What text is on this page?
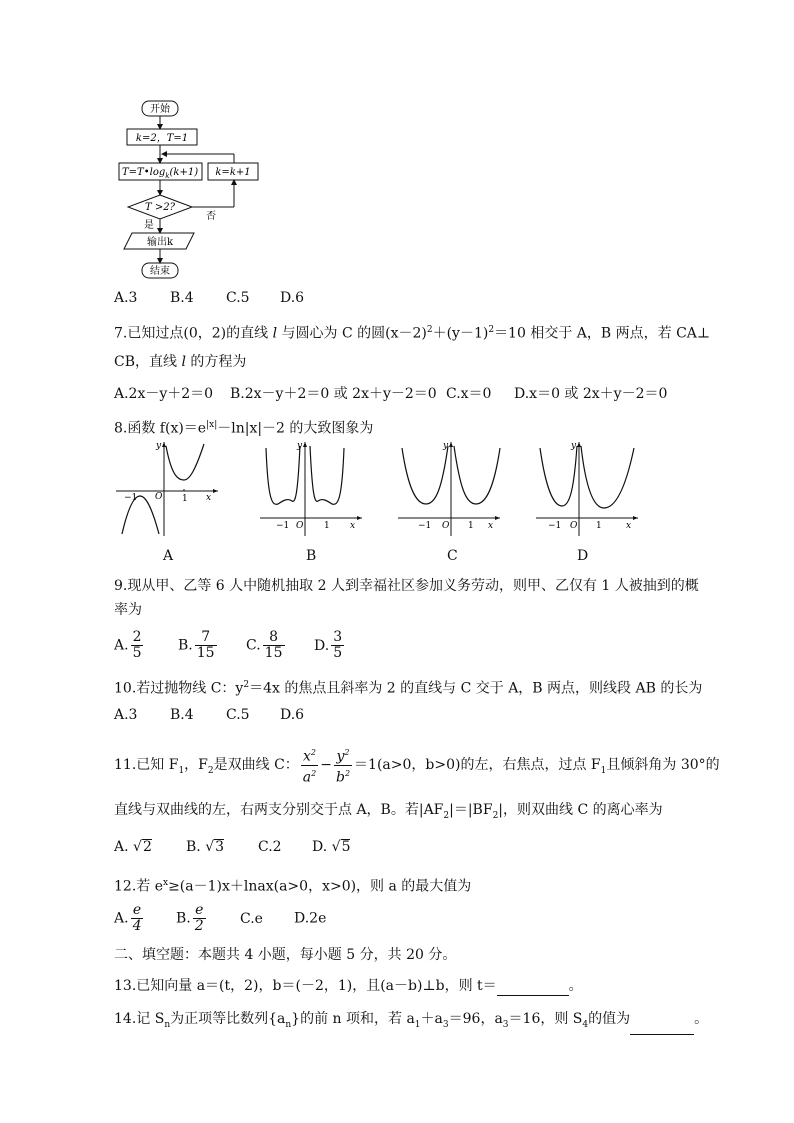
开始
k=2，T=1
$T=T•\log_k(k+1)$ k=k+1
T >2?
否
是
输出k
结束
A.3 B.4 C.5 D.6
7.已知过点(0，2)的直线 l 与圆心为 C 的圆$(x-2)^2+(y-1)^2=10$ 相交于 A，B 两点，若 CA⊥
CB，直线 l 的方程为
A.2x－y＋2＝0 B.2x－y＋2＝0 或 2x＋y－2＝0 C.x＝0 D.x＝0 或 2x＋y－2＝0
8.函数 $f(x)=e^{|x|}-\ln|x|-2$ 的大致图象为
y
x
O
−1	1
A
y
x
O
−1	1
B
y
x
O
−1	1
C
y
x
O
−1	1
D
9.现从甲、乙等 6 人中随机抽取 2 人到幸福社区参加义务劳动，则甲、乙仅有 1 人被抽到的概
率为
A. $\frac{2}{5} B$. $\frac{7}{15} C$. $\frac{8}{15} D$. $\frac{3}{5}$
10.若过抛物线 C：$y^2=4x$ 的焦点且斜率为 2 的直线与 C 交于 A，B 两点，则线段 AB 的长为
A.3 B.4 C.5 D.6
11.已知 $F_1$，$F_2$是双曲线 C： $\frac{x^2}{a^2} - \frac{y^2}{b^2} =1(a>0$，b>0)的左，右焦点，过点 $F_1$且倾斜角为 30°的
直线与双曲线的左，右两支分别交于点 A，B。若$|AF_2|=|BF_2|$，则双曲线 C 的离心率为
A. √2 B. √3 C.2 D. √5
12.若 $e^x\ge(a-1)x+lnax(a>0$，x>0)，则 a 的最大值为
A. $\frac{e}{4} B$. $\frac{e}{2} C.e$ D.2e
二、填空题：本题共 4 小题，每小题 5 分，共 20 分。
13.已知向量 a＝(t，2)，b＝(－2，1)，且(a－b)⊥b，则 t＝	。
14.记 $S_n$为正项等比数列$\{a_n\}$的前 n 项和，若 $a_1+a_3=96$，$a_3=16$，则 $S_4$的值为	。
